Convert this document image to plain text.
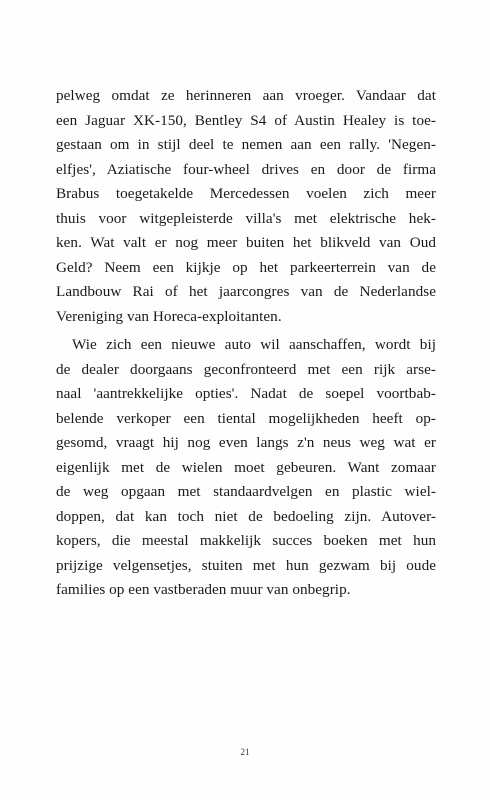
pelweg omdat ze herinneren aan vroeger. Vandaar dat
een Jaguar XK-150, Bentley S4 of Austin Healey is toe-
gestaan om in stijl deel te nemen aan een rally. 'Negen-
elfjes', Aziatische four-wheel drives en door de firma
Brabus toegetakelde Mercedessen voelen zich meer
thuis voor witgepleisterde villa's met elektrische hek-
ken. Wat valt er nog meer buiten het blikveld van Oud
Geld? Neem een kijkje op het parkeerterrein van de
Landbouw Rai of het jaarcongres van de Nederlandse
Vereniging van Horeca-exploitanten.
Wie zich een nieuwe auto wil aanschaffen, wordt bij
de dealer doorgaans geconfronteerd met een rijk arse-
naal 'aantrekkelijke opties'. Nadat de soepel voortbab-
belende verkoper een tiental mogelijkheden heeft op-
gesomd, vraagt hij nog even langs z'n neus weg wat er
eigenlijk met de wielen moet gebeuren. Want zomaar
de weg opgaan met standaardvelgen en plastic wiel-
doppen, dat kan toch niet de bedoeling zijn. Autover-
kopers, die meestal makkelijk succes boeken met hun
prijzige velgensetjes, stuiten met hun gezwam bij oude
families op een vastberaden muur van onbegrip.
21
